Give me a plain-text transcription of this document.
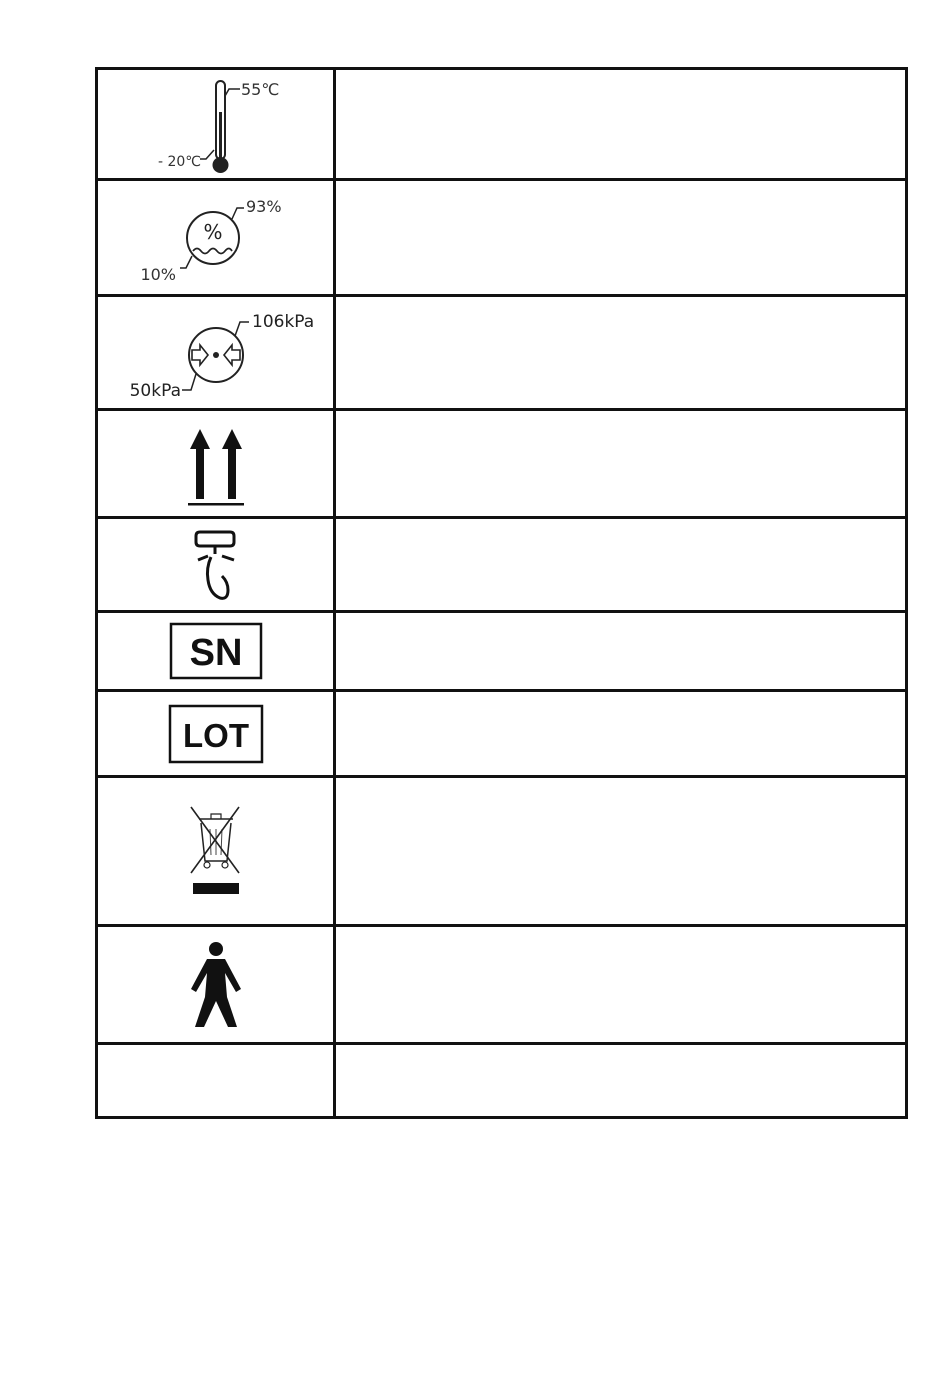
55℃
- 20℃	

%
93%
10%	

106kPa
50kPa	

SN	

LOT	
